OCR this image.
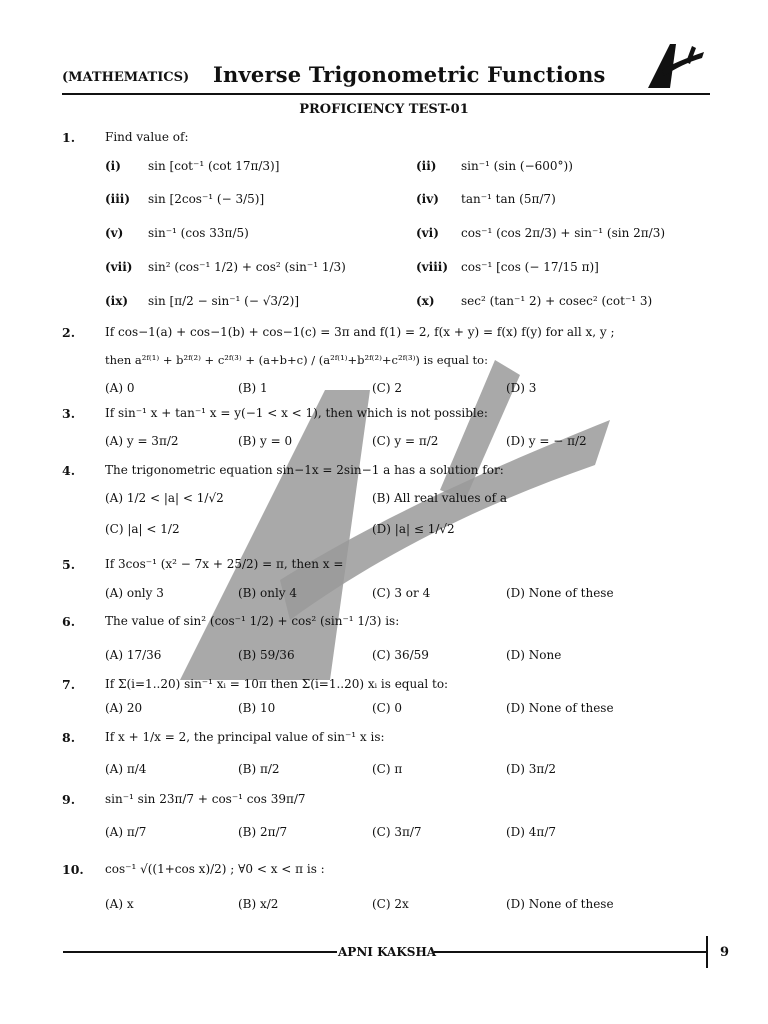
(MATHEMATICS) Inverse Trigonometric Functions
PROFICIENCY TEST-01
1.	Find value of:
(i) sin [cot⁻¹ (cot 17π/3)]	(ii) sin⁻¹ (sin (−600°))
(iii) sin [2cos⁻¹ (− 3/5)]	(iv) tan⁻¹ tan (5π/7)
(v) sin⁻¹ (cos 33π/5)	(vi) cos⁻¹ (cos 2π/3) + sin⁻¹ (sin 2π/3)
(vii) sin² (cos⁻¹ 1/2) + cos² (sin⁻¹ 1/3)	(viii) cos⁻¹ [cos (− 17/15 π)]
(ix) sin [π/2 − sin⁻¹ (− √3/2)]	(x) sec² (tan⁻¹ 2) + cosec² (cot⁻¹ 3)
2.	If cos−1(a) + cos−1(b) + cos−1(c) = 3π and f(1) = 2, f(x + y) = f(x) f(y) for all x, y ;
then a²ᶠ⁽¹⁾ + b²ᶠ⁽²⁾ + c²ᶠ⁽³⁾ + (a+b+c) / (a²ᶠ⁽¹⁾+b²ᶠ⁽²⁾+c²ᶠ⁽³⁾) is equal to:
(A) 0	(B) 1	(C) 2	(D) 3
3.	If sin⁻¹ x + tan⁻¹ x = y(−1 < x < 1), then which is not possible:
(A) y = 3π/2	(B) y = 0	(C) y = π/2	(D) y = − π/2
4.	The trigonometric equation sin−1x = 2sin−1 a has a solution for:
(A) 1/2 < |a| < 1/√2	(B) All real values of a
(C) |a| < 1/2	(D) |a| ≤ 1/√2
5.	If 3cos⁻¹ (x² − 7x + 25/2) = π, then x =
(A) only 3	(B) only 4	(C) 3 or 4	(D) None of these
6.	The value of sin² (cos⁻¹ 1/2) + cos² (sin⁻¹ 1/3) is:
(A) 17/36	(B) 59/36	(C) 36/59	(D) None
7.	If Σ(i=1..20) sin⁻¹ xᵢ = 10π then Σ(i=1..20) xᵢ is equal to:
(A) 20	(B) 10	(C) 0	(D) None of these
8.	If x + 1/x = 2, the principal value of sin⁻¹ x is:
(A) π/4	(B) π/2	(C) π	(D) 3π/2
9.	sin⁻¹ sin 23π/7 + cos⁻¹ cos 39π/7
(A) π/7	(B) 2π/7	(C) 3π/7	(D) 4π/7
10.	cos⁻¹ √((1+cos x)/2) ; ∀0 < x < π is :
(A) x	(B) x/2	(C) 2x	(D) None of these
APNI KAKSHA	9
